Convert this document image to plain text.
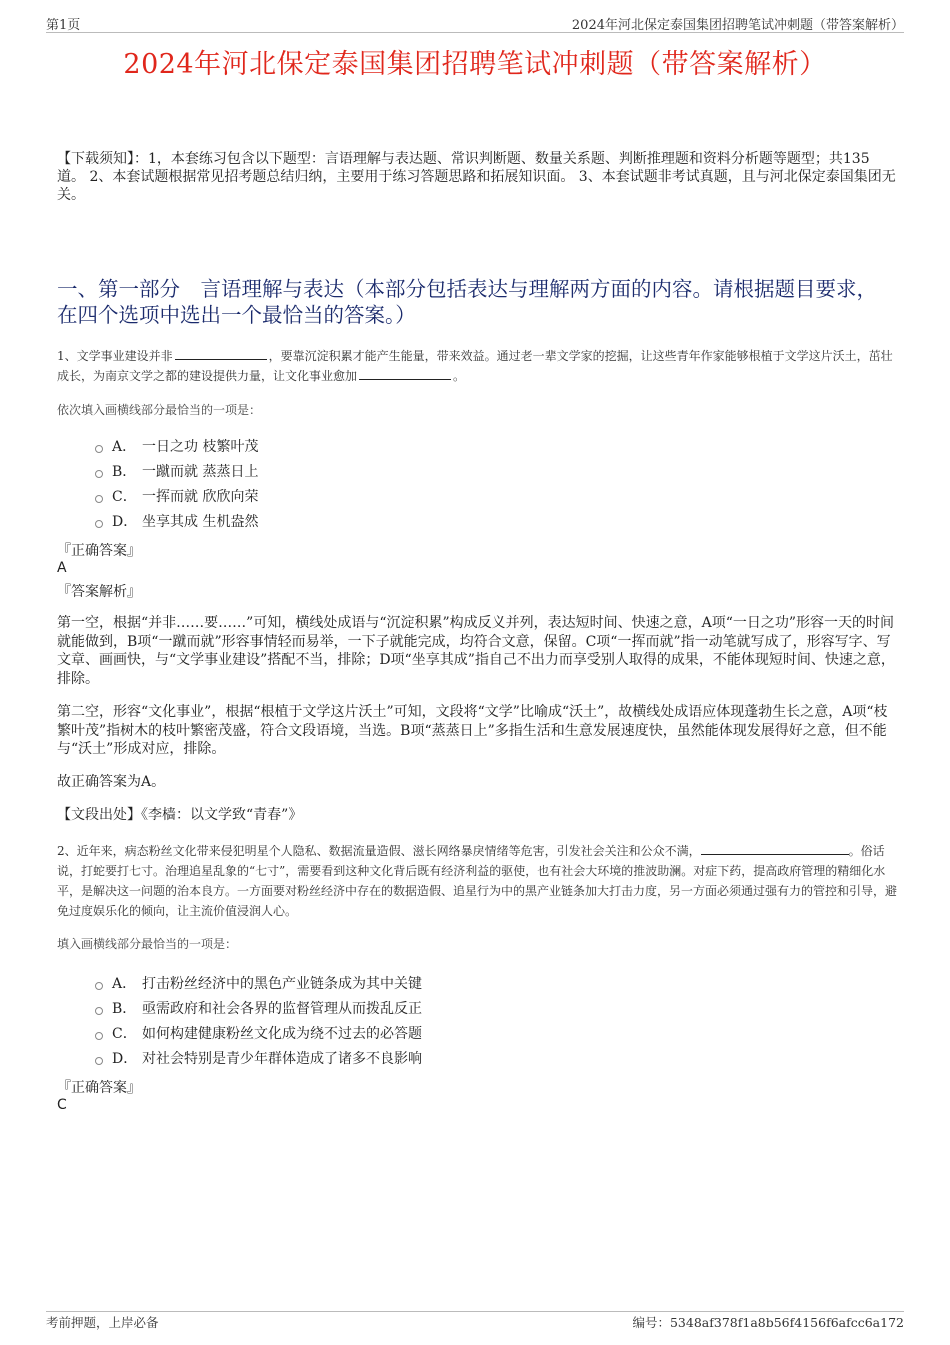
第1页	2024年河北保定泰国集团招聘笔试冲刺题（带答案解析）
2024年河北保定泰国集团招聘笔试冲刺题（带答案解析）
【下载须知】：1，本套练习包含以下题型：言语理解与表达题、常识判断题、数量关系题、判断推理题和资料分析题等题型；共135道。 2、本套试题根据常见招考题总结归纳，主要用于练习答题思路和拓展知识面。 3、本套试题非考试真题，且与河北保定泰国集团无关。
一、第一部分　言语理解与表达（本部分包括表达与理解两方面的内容。请根据题目要求，在四个选项中选出一个最恰当的答案。）
1、文学事业建设并非	，要靠沉淀积累才能产生能量，带来效益。通过老一辈文学家的挖掘，让这些青年作家能够根植于文学这片沃土，茁壮成长，为南京文学之都的建设提供力量，让文化事业愈加	。
依次填入画横线部分最恰当的一项是：
A． 一日之功 枝繁叶茂
B． 一蹴而就 蒸蒸日上
C． 一挥而就 欣欣向荣
D． 坐享其成 生机盎然
『正确答案』
A
『答案解析』
第一空，根据“并非……要……”可知，横线处成语与“沉淀积累”构成反义并列，表达短时间、快速之意，A项“一日之功”形容一天的时间就能做到，B项“一蹴而就”形容事情轻而易举，一下子就能完成，均符合文意，保留。C项“一挥而就”指一动笔就写成了，形容写字、写文章、画画快，与“文学事业建设”搭配不当，排除；D项“坐享其成”指自己不出力而享受别人取得的成果，不能体现短时间、快速之意，排除。
第二空，形容“文化事业”，根据“根植于文学这片沃土”可知，文段将“文学”比喻成“沃土”，故横线处成语应体现蓬勃生长之意，A项“枝繁叶茂”指树木的枝叶繁密茂盛，符合文段语境，当选。B项“蒸蒸日上”多指生活和生意发展速度快，虽然能体现发展得好之意，但不能与“沃土”形成对应，排除。
故正确答案为A。
【文段出处】《李樯：以文学致“青春”》
2、近年来，病态粉丝文化带来侵犯明星个人隐私、数据流量造假、滋长网络暴戾情绪等危害，引发社会关注和公众不满，	。俗话说，打蛇要打七寸。治理追星乱象的“七寸”，需要看到这种文化背后既有经济利益的驱使，也有社会大环境的推波助澜。对症下药，提高政府管理的精细化水平，是解决这一问题的治本良方。一方面要对粉丝经济中存在的数据造假、追星行为中的黑产业链条加大打击力度，另一方面必须通过强有力的管控和引导，避免过度娱乐化的倾向，让主流价值浸润人心。
填入画横线部分最恰当的一项是：
A． 打击粉丝经济中的黑色产业链条成为其中关键
B． 亟需政府和社会各界的监督管理从而拨乱反正
C． 如何构建健康粉丝文化成为绕不过去的必答题
D． 对社会特别是青少年群体造成了诸多不良影响
『正确答案』
C
考前押题，上岸必备	编号：5348af378f1a8b56f4156f6afcc6a172
